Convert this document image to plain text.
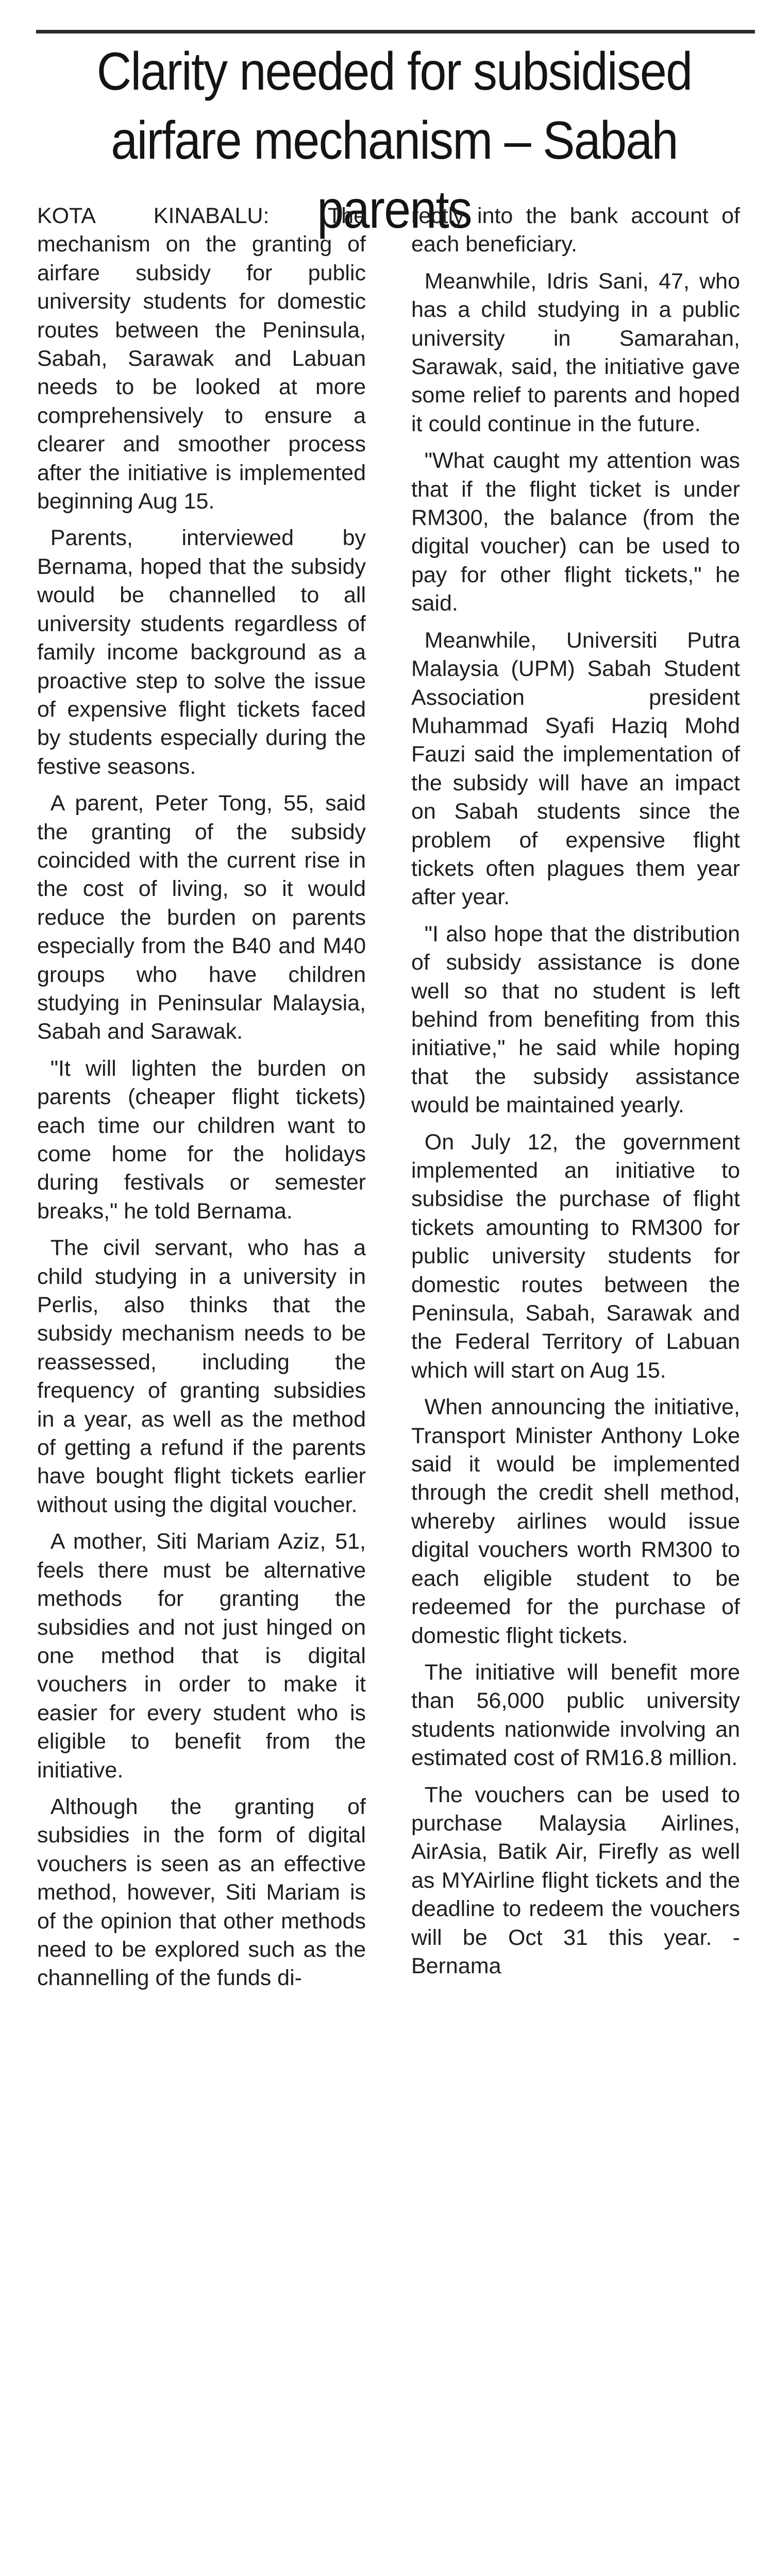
Clarity needed for subsidised airfare mechanism – Sabah parents

KOTA KINABALU: The mechanism on the granting of airfare subsidy for public university students for domestic routes between the Peninsula, Sabah, Sarawak and Labuan needs to be looked at more comprehensively to ensure a clearer and smoother process after the initiative is implemented beginning Aug 15.

Parents, interviewed by Bernama, hoped that the subsidy would be channelled to all university students regardless of family income background as a proactive step to solve the issue of expensive flight tickets faced by students especially during the festive seasons.

A parent, Peter Tong, 55, said the granting of the subsidy coincided with the current rise in the cost of living, so it would reduce the burden on parents especially from the B40 and M40 groups who have children studying in Peninsular Malaysia, Sabah and Sarawak.

"It will lighten the burden on parents (cheaper flight tickets) each time our children want to come home for the holidays during festivals or semester breaks," he told Bernama.

The civil servant, who has a child studying in a university in Perlis, also thinks that the subsidy mechanism needs to be reassessed, including the frequency of granting subsidies in a year, as well as the method of getting a refund if the parents have bought flight tickets earlier without using the digital voucher.

A mother, Siti Mariam Aziz, 51, feels there must be alternative methods for granting the subsidies and not just hinged on one method that is digital vouchers in order to make it easier for every student who is eligible to benefit from the initiative.

Although the granting of subsidies in the form of digital vouchers is seen as an effective method, however, Siti Mariam is of the opinion that other methods need to be explored such as the channelling of the funds di-

rectly into the bank account of each beneficiary.

Meanwhile, Idris Sani, 47, who has a child studying in a public university in Samarahan, Sarawak, said, the initiative gave some relief to parents and hoped it could continue in the future.

"What caught my attention was that if the flight ticket is under RM300, the balance (from the digital voucher) can be used to pay for other flight tickets," he said.

Meanwhile, Universiti Putra Malaysia (UPM) Sabah Student Association president Muhammad Syafi Haziq Mohd Fauzi said the implementation of the subsidy will have an impact on Sabah students since the problem of expensive flight tickets often plagues them year after year.

"I also hope that the distribution of subsidy assistance is done well so that no student is left behind from benefiting from this initiative," he said while hoping that the subsidy assistance would be maintained yearly.

On July 12, the government implemented an initiative to subsidise the purchase of flight tickets amounting to RM300 for public university students for domestic routes between the Peninsula, Sabah, Sarawak and the Federal Territory of Labuan which will start on Aug 15.

When announcing the initiative, Transport Minister Anthony Loke said it would be implemented through the credit shell method, whereby airlines would issue digital vouchers worth RM300 to each eligible student to be redeemed for the purchase of domestic flight tickets.

The initiative will benefit more than 56,000 public university students nationwide involving an estimated cost of RM16.8 million.

The vouchers can be used to purchase Malaysia Airlines, AirAsia, Batik Air, Firefly as well as MYAirline flight tickets and the deadline to redeem the vouchers will be Oct 31 this year. - Bernama
